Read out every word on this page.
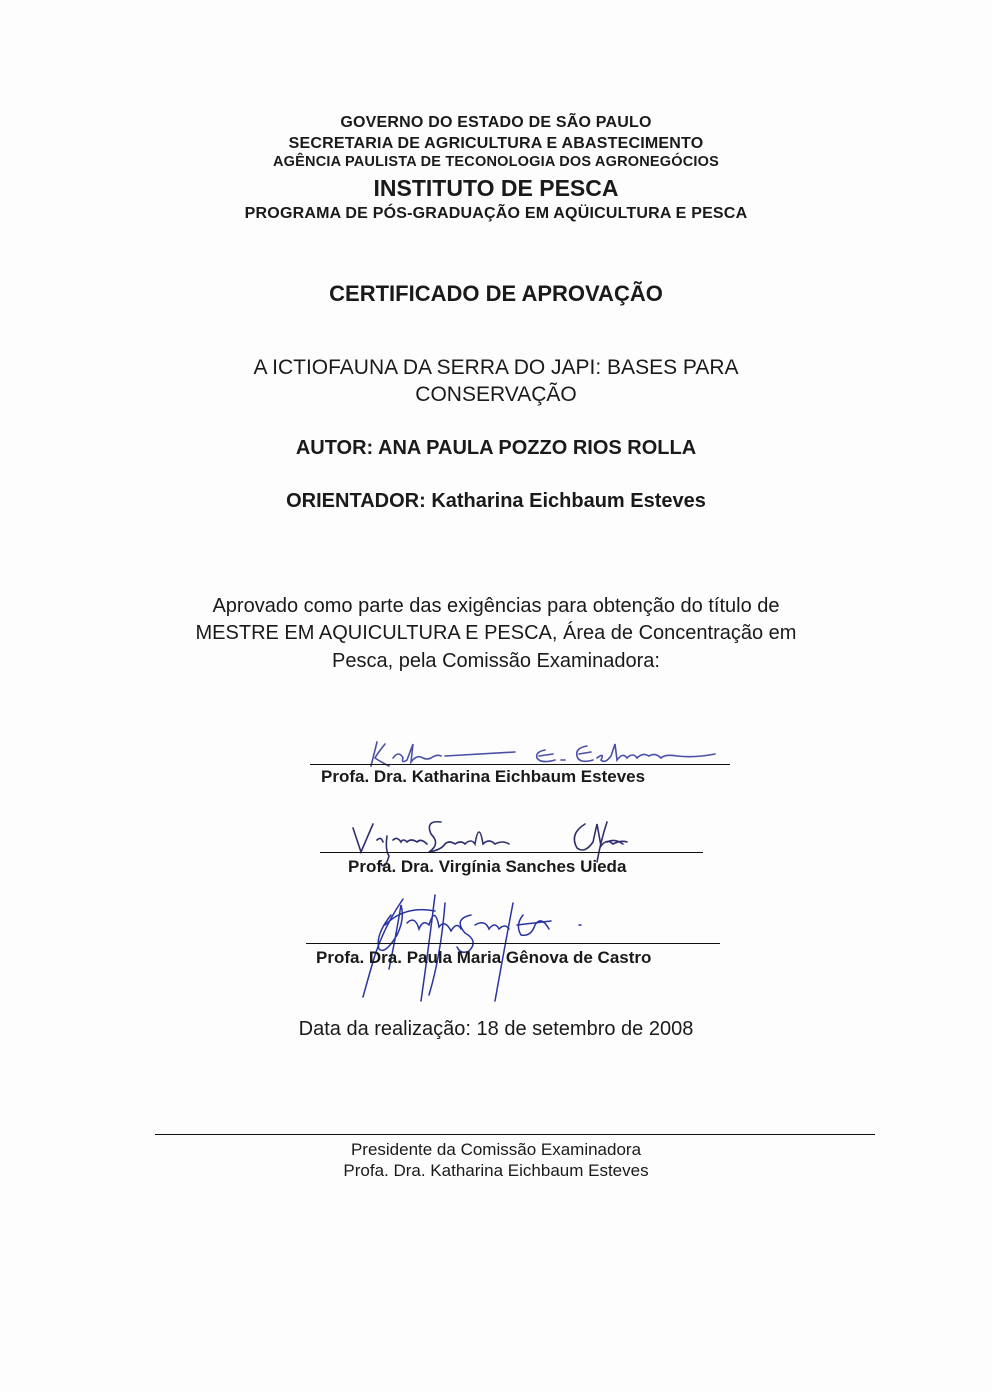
GOVERNO DO ESTADO DE SÃO PAULO
SECRETARIA DE AGRICULTURA E ABASTECIMENTO
AGÊNCIA PAULISTA DE TECONOLOGIA DOS AGRONEGÓCIOS
INSTITUTO DE PESCA
PROGRAMA DE PÓS-GRADUAÇÃO EM AQÜICULTURA E PESCA
CERTIFICADO DE APROVAÇÃO
A ICTIOFAUNA DA SERRA DO JAPI: BASES PARA
CONSERVAÇÃO
AUTOR: ANA PAULA POZZO RIOS ROLLA
ORIENTADOR: Katharina Eichbaum Esteves
Aprovado como parte das exigências para obtenção do título de
MESTRE EM AQUICULTURA E PESCA, Área de Concentração em
Pesca, pela Comissão Examinadora:
Profa. Dra. Katharina Eichbaum Esteves
Profa. Dra. Virgínia Sanches Uieda
Profa. Dra. Paula Maria Gênova de Castro
Data da realização: 18 de setembro de 2008
Presidente da Comissão Examinadora
Profa. Dra. Katharina Eichbaum Esteves
